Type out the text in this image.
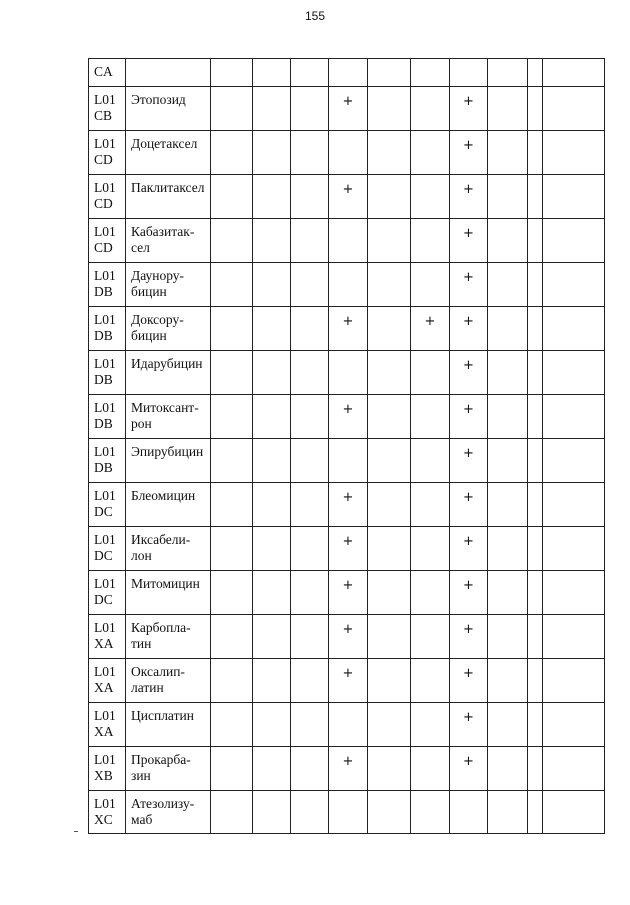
155
CA												

L01
CB	Этопозид				+			+				

L01
CD	Доцетаксел							+				

L01
CD	Паклитаксел				+			+				

L01
CD	Кабазитак-
сел							+				

L01
DB	Даунору-
бицин							+				

L01
DB	Доксору-
бицин				+		+	+				

L01
DB	Идарубицин							+				

L01
DB	Митоксант-
рон				+			+				

L01
DB	Эпирубицин							+				

L01
DC	Блеомицин				+			+				

L01
DC	Иксабели-
лон				+			+				

L01
DC	Митомицин				+			+				

L01
XA	Карбопла-
тин				+			+				

L01
XA	Оксалип-
латин				+			+				

L01
XA	Цисплатин							+				

L01
XB	Прокарба-
зин				+			+				

L01
XC	Атезолизу-
маб											
